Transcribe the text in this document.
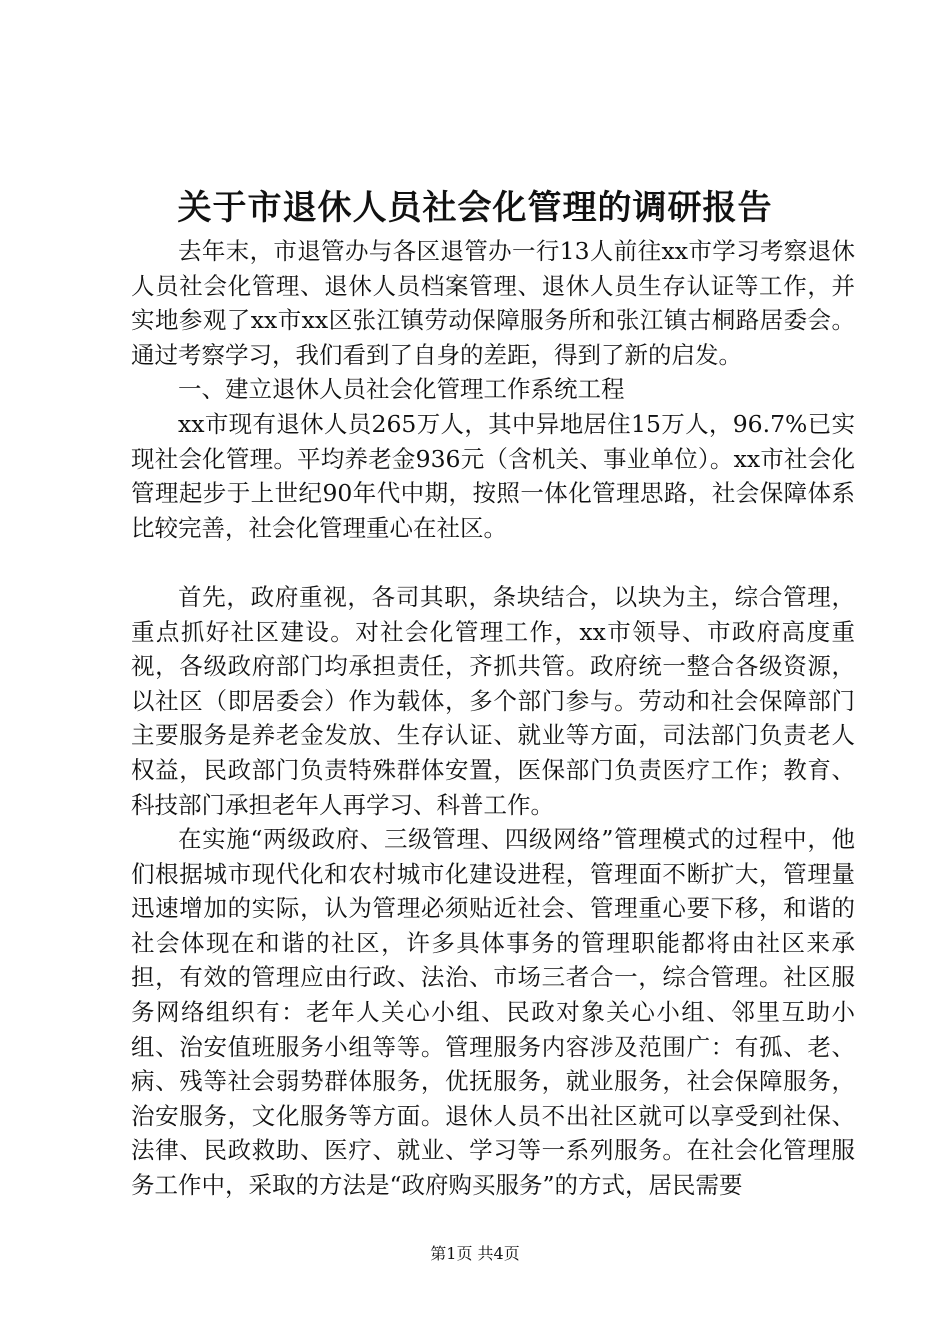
关于市退休人员社会化管理的调研报告

去年末，市退管办与各区退管办一行13人前往xx市学习考察退休人员社会化管理、退休人员档案管理、退休人员生存认证等工作，并实地参观了xx市xx区张江镇劳动保障服务所和张江镇古桐路居委会。通过考察学习，我们看到了自身的差距，得到了新的启发。

一、建立退休人员社会化管理工作系统工程

xx市现有退休人员265万人，其中异地居住15万人，96.7%已实现社会化管理。平均养老金936元（含机关、事业单位）。xx市社会化管理起步于上世纪90年代中期，按照一体化管理思路，社会保障体系比较完善，社会化管理重心在社区。

首先，政府重视，各司其职，条块结合，以块为主，综合管理，重点抓好社区建设。对社会化管理工作，xx市领导、市政府高度重视，各级政府部门均承担责任，齐抓共管。政府统一整合各级资源，以社区（即居委会）作为载体，多个部门参与。劳动和社会保障部门主要服务是养老金发放、生存认证、就业等方面，司法部门负责老人权益，民政部门负责特殊群体安置，医保部门负责医疗工作；教育、科技部门承担老年人再学习、科普工作。

在实施“两级政府、三级管理、四级网络”管理模式的过程中，他们根据城市现代化和农村城市化建设进程，管理面不断扩大，管理量迅速增加的实际，认为管理必须贴近社会、管理重心要下移，和谐的社会体现在和谐的社区，许多具体事务的管理职能都将由社区来承担，有效的管理应由行政、法治、市场三者合一，综合管理。社区服务网络组织有：老年人关心小组、民政对象关心小组、邻里互助小组、治安值班服务小组等等。管理服务内容涉及范围广：有孤、老、病、残等社会弱势群体服务，优抚服务，就业服务，社会保障服务，治安服务，文化服务等方面。退休人员不出社区就可以享受到社保、法律、民政救助、医疗、就业、学习等一系列服务。在社会化管理服务工作中，采取的方法是“政府购买服务”的方式，居民需要

第1页 共4页
